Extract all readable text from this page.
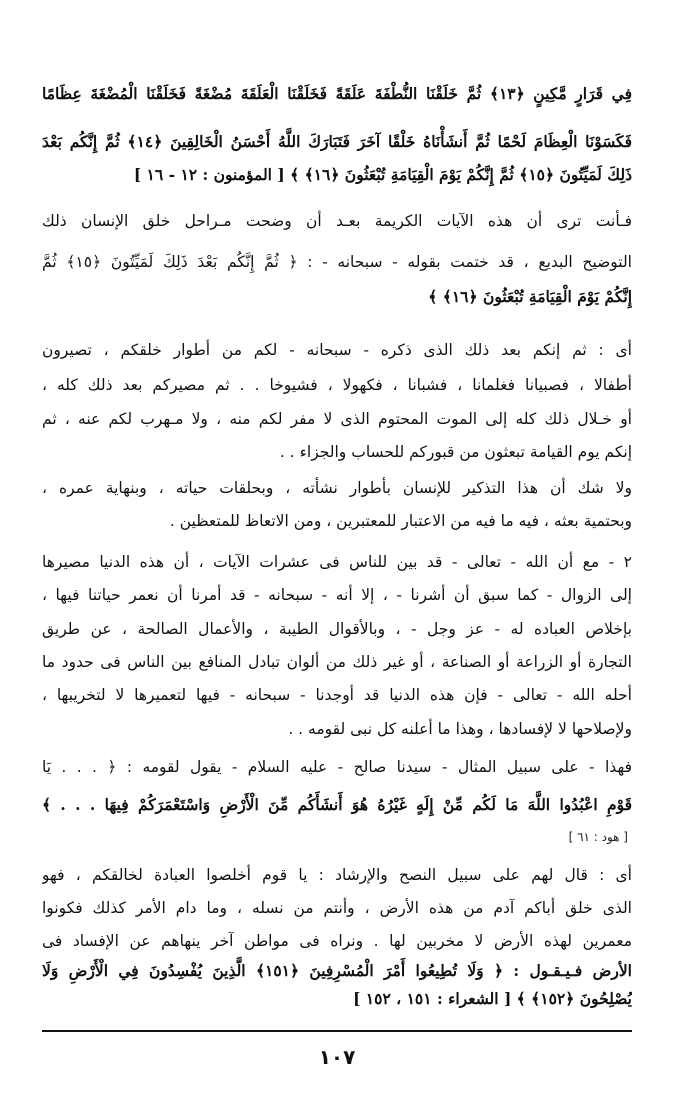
فِي قَرَارٍ مَّكِينٍ ﴿١٣﴾ ثُمَّ خَلَقْنَا النُّطْفَةَ عَلَقَةً فَخَلَقْنَا الْعَلَقَةَ مُضْغَةً فَخَلَقْنَا الْمُضْغَةَ عِظَامًا
فَكَسَوْنَا الْعِظَامَ لَحْمًا ثُمَّ أَنشَأْنَاهُ خَلْقًا آخَرَ فَتَبَارَكَ اللَّهُ أَحْسَنُ الْخَالِقِينَ ﴿١٤﴾ ثُمَّ إِنَّكُم بَعْدَ
ذَلِكَ لَمَيِّتُونَ ﴿١٥﴾ ثُمَّ إِنَّكُمْ يَوْمَ الْقِيَامَةِ تُبْعَثُونَ ﴿١٦﴾ ﴾ [ المؤمنون : ١٢ - ١٦ ]
فـأنت ترى أن هذه الآيات الكريمة بعـد أن وضحت مـراحل خلق الإنسان ذلك
التوضيح البديع ، قد ختمت بقوله - سبحانه - : ﴿ ثُمَّ إِنَّكُم بَعْدَ ذَلِكَ لَمَيِّتُونَ ﴿١٥﴾ ثُمَّ
إِنَّكُمْ يَوْمَ الْقِيَامَةِ تُبْعَثُونَ ﴿١٦﴾ ﴾
أى : ثم إنكم بعد ذلك الذى ذكره - سبحانه - لكم من أطوار خلقكم ، تصيرون
أطفالا ، فصبيانا فغلمانا ، فشبانا ، فكهولا ، فشيوخا . . ثم مصيركم بعد ذلك كله ،
أو خـلال ذلك كله إلى الموت المحتوم الذى لا مفر لكم منه ، ولا مـهرب لكم عنه ، ثم
إنكم يوم القيامة تبعثون من قبوركم للحساب والجزاء . .
ولا شك أن هذا التذكير للإنسان بأطوار نشأته ، وبحلقات حياته ، وبنهاية عمره ،
وبحتمية بعثه ، فيه ما فيه من الاعتبار للمعتبرين ، ومن الاتعاظ للمتعظين .
٢ - مع أن الله - تعالى - قد بين للناس فى عشرات الآيات ، أن هذه الدنيا مصيرها
إلى الزوال - كما سبق أن أشرنا - ، إلا أنه - سبحانه - قد أمرنا أن نعمر حياتنا فيها ،
بإخلاص العباده له - عز وجل - ، وبالأقوال الطيبة ، والأعمال الصالحة ، عن طريق
التجارة أو الزراعة أو الصناعة ، أو غير ذلك من ألوان تبادل المنافع بين الناس فى حدود ما
أحله الله - تعالى - فإن هذه الدنيا قد أوجدنا - سبحانه - فيها لتعميرها لا لتخريبها ،
ولإصلاحها لا لإفسادها ، وهذا ما أعلنه كل نبى لقومه . .
فهذا - على سبيل المثال - سيدنا صالح - عليه السلام - يقول لقومه : ﴿ . . . يَا
قَوْمِ اعْبُدُوا اللَّهَ مَا لَكُم مِّنْ إِلَهٍ غَيْرُهُ هُوَ أَنشَأَكُم مِّنَ الْأَرْضِ وَاسْتَعْمَرَكُمْ فِيهَا . . . ﴾
[ هود : ٦١ ]
أى : قال لهم على سبيل النصح والإرشاد : يا قوم أخلصوا العبادة لخالقكم ، فهو
الذى خلق أباكم آدم من هذه الأرض ، وأنتم من نسله ، وما دام الأمر كذلك فكونوا
معمرين لهذه الأرض لا مخربين لها . ونراه فى مواطن آخر ينهاهم عن الإفساد فى
الأرض فـيـقـول : ﴿ وَلَا تُطِيعُوا أَمْرَ الْمُسْرِفِينَ ﴿١٥١﴾ الَّذِينَ يُفْسِدُونَ فِي الْأَرْضِ وَلَا
يُصْلِحُونَ ﴿١٥٢﴾ ﴾ [ الشعراء : ١٥١ ، ١٥٢ ]
١٠٧
